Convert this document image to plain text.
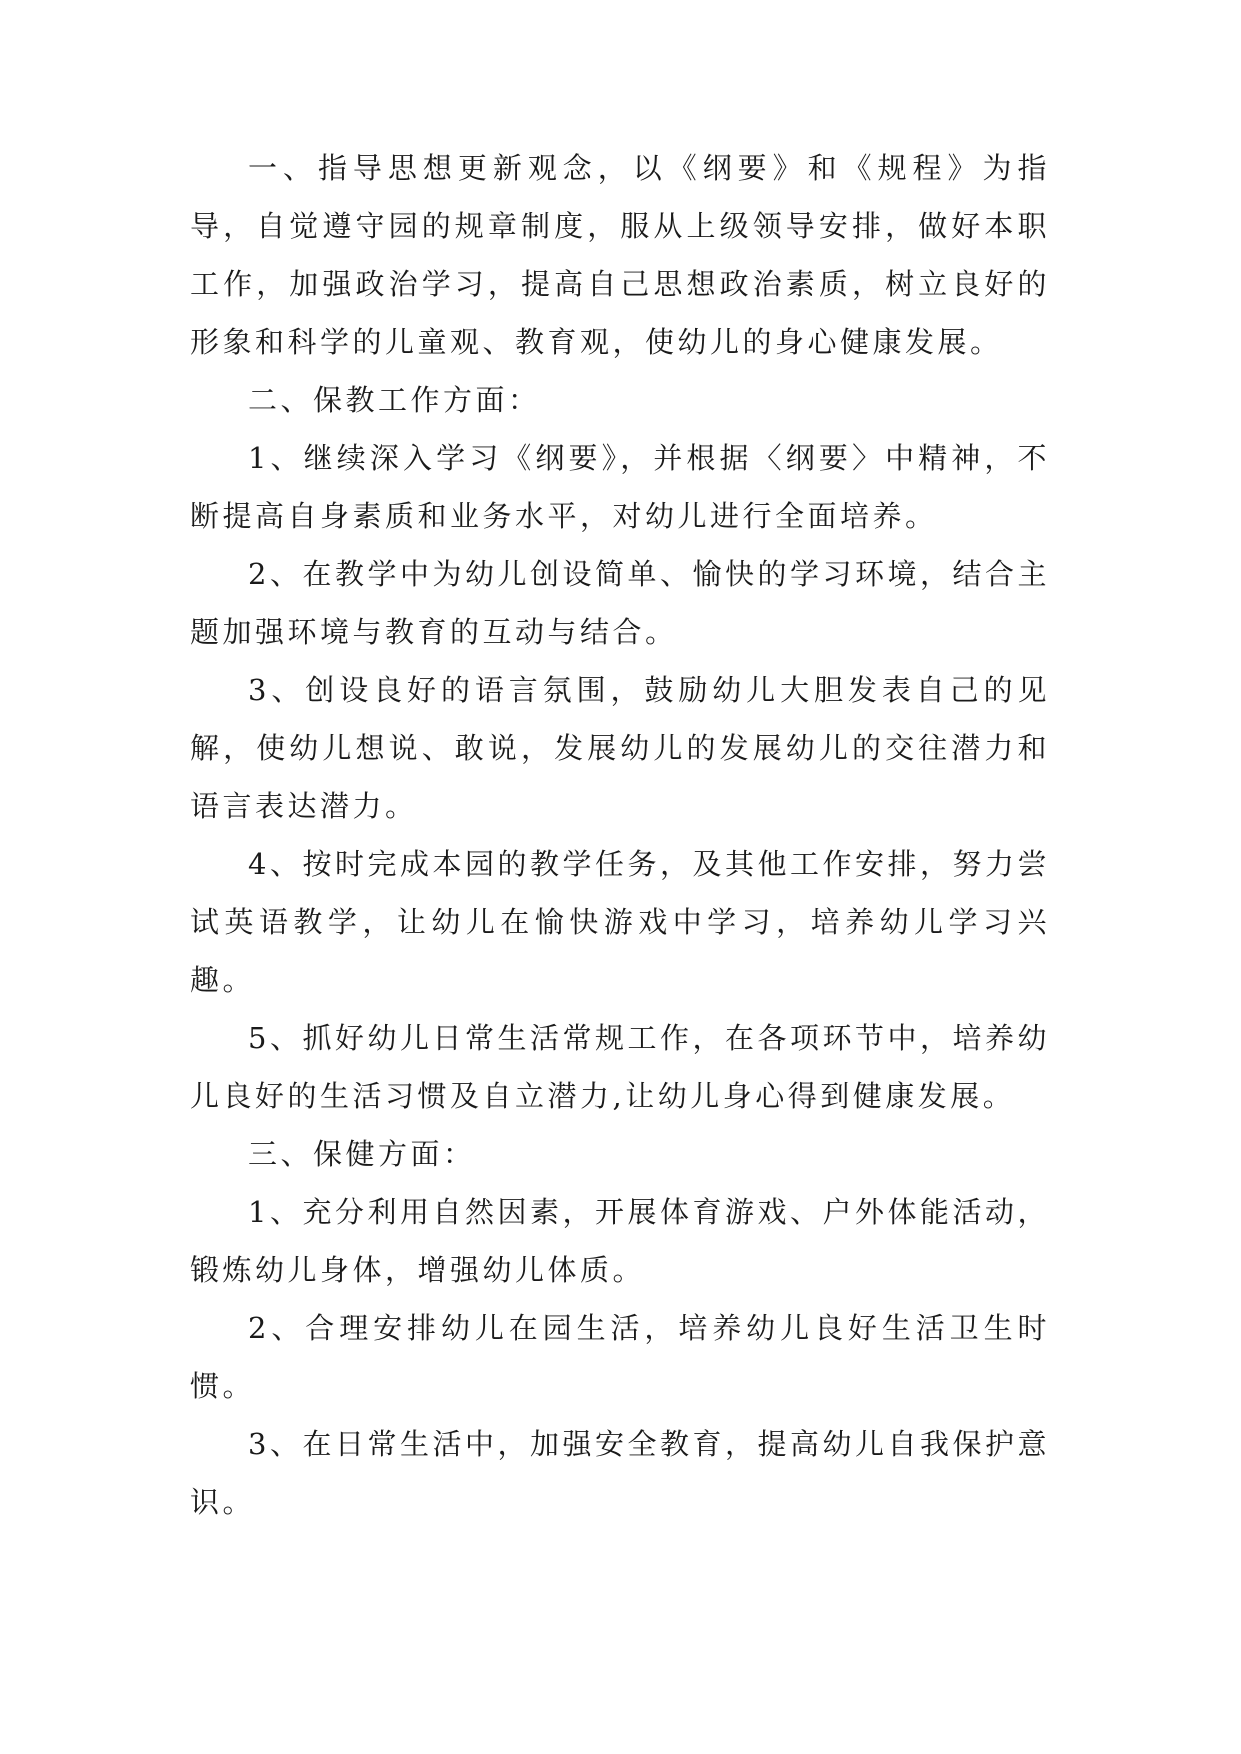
一、指导思想更新观念，以《纲要》和《规程》为指导，自觉遵守园的规章制度，服从上级领导安排，做好本职工作，加强政治学习，提高自己思想政治素质，树立良好的形象和科学的儿童观、教育观，使幼儿的身心健康发展。

二、保教工作方面：

1、继续深入学习《纲要》，并根据〈纲要〉中精神，不断提高自身素质和业务水平，对幼儿进行全面培养。

2、在教学中为幼儿创设简单、愉快的学习环境，结合主题加强环境与教育的互动与结合。

3、创设良好的语言氛围，鼓励幼儿大胆发表自己的见解，使幼儿想说、敢说，发展幼儿的发展幼儿的交往潜力和语言表达潜力。

4、按时完成本园的教学任务，及其他工作安排，努力尝试英语教学，让幼儿在愉快游戏中学习，培养幼儿学习兴趣。

5、抓好幼儿日常生活常规工作，在各项环节中，培养幼儿良好的生活习惯及自立潜力,让幼儿身心得到健康发展。

三、保健方面：

1、充分利用自然因素，开展体育游戏、户外体能活动，锻炼幼儿身体，增强幼儿体质。

2、合理安排幼儿在园生活，培养幼儿良好生活卫生时惯。

3、在日常生活中，加强安全教育，提高幼儿自我保护意识。
